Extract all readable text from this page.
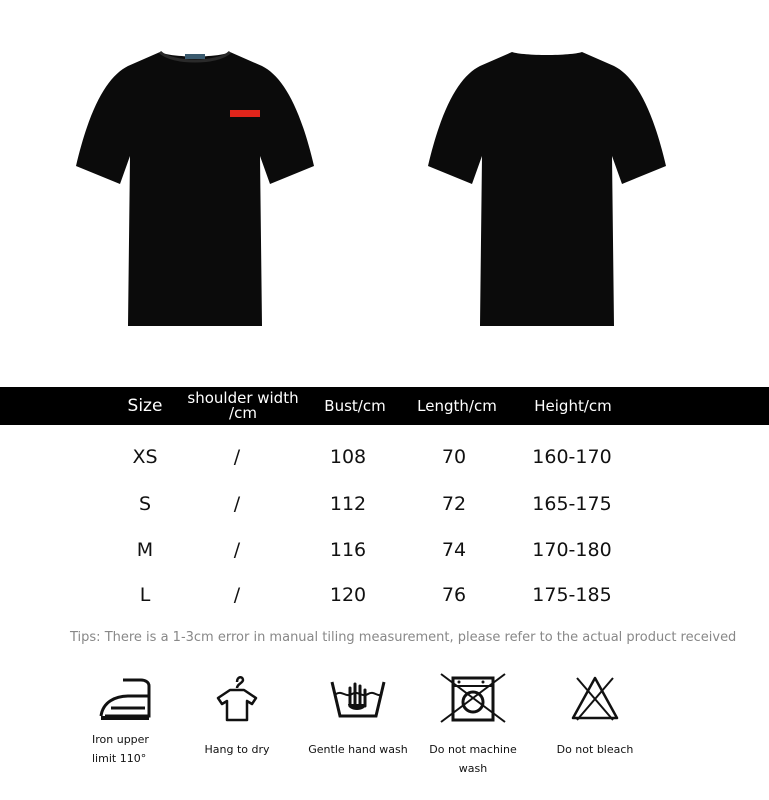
Size	shoulder width /cm	Bust/cm	Length/cm	Height/cm
XS	/	108	70	160-170
S	/	112	72	165-175
M	/	116	74	170-180
L	/	120	76	175-185
Tips: There is a 1-3cm error in manual tiling measurement, please refer to the actual product received
Iron upper limit 110°
Hang to dry	Gentle hand wash	Do not machine wash
Do not bleach
